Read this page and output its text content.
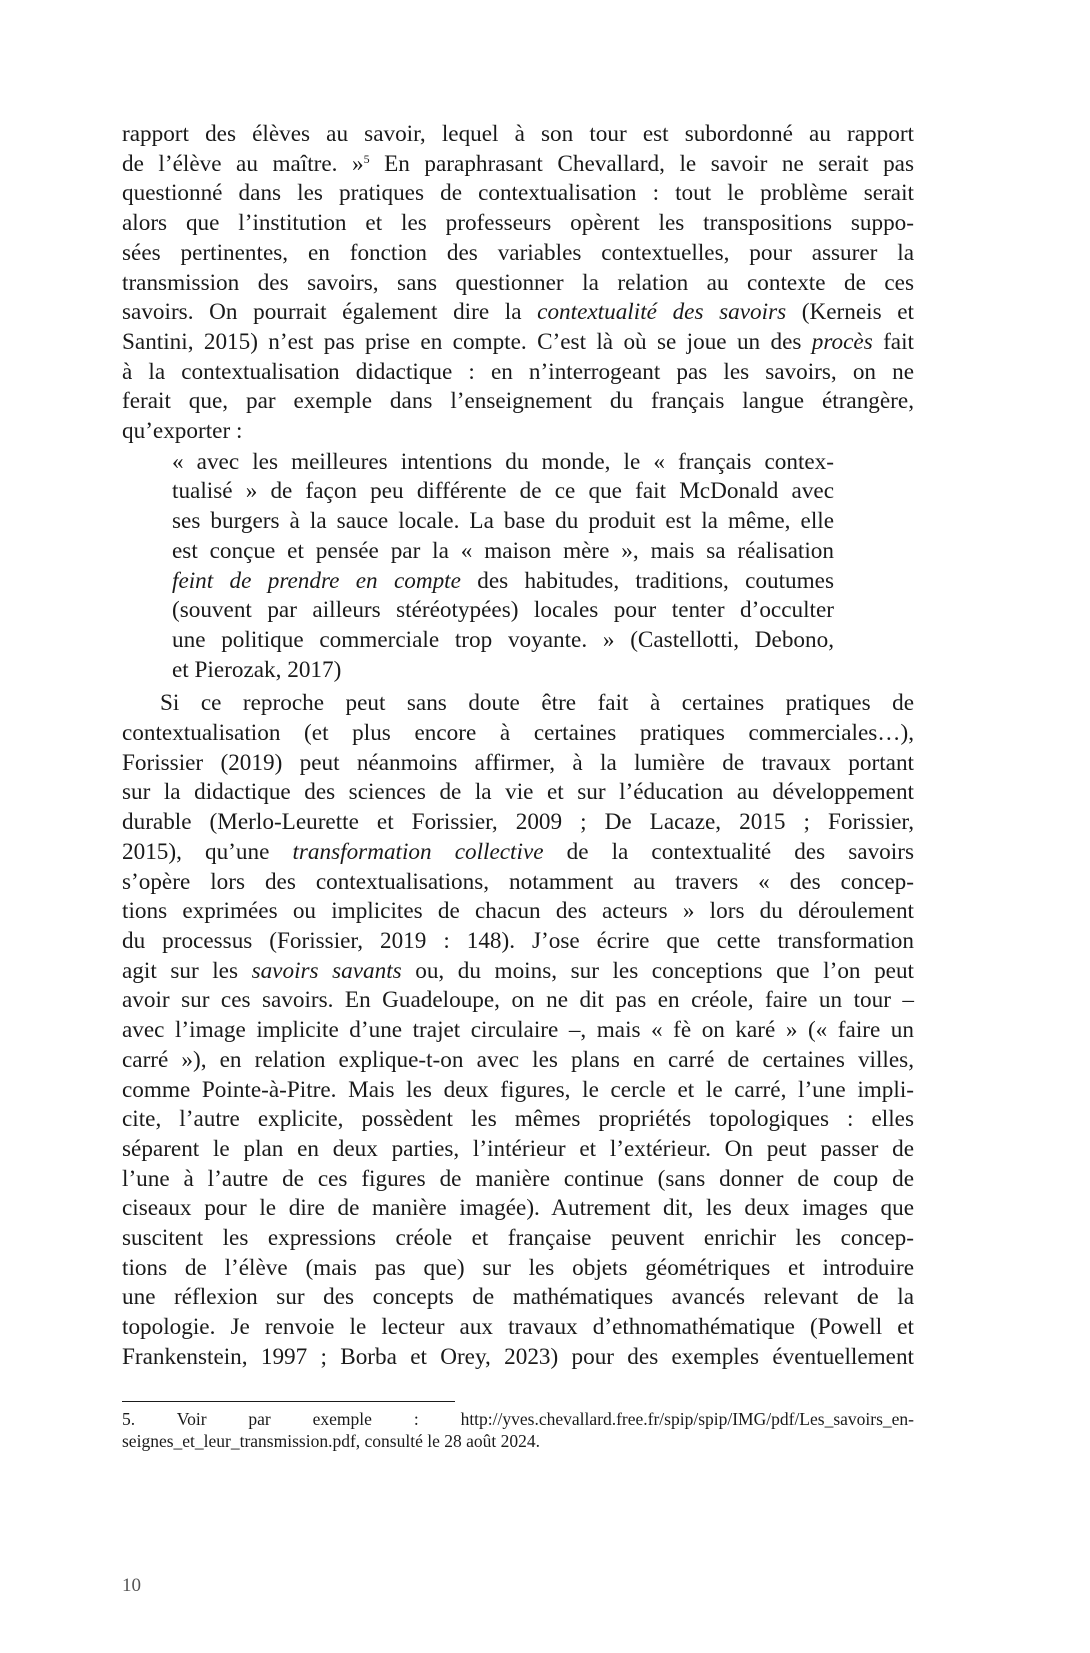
rapport des élèves au savoir, lequel à son tour est subordonné au rapport
de l’élève au maître. »$^5$ En paraphrasant Chevallard, le savoir ne serait pas
questionné dans les pratiques de contextualisation : tout le problème serait
alors que l’institution et les professeurs opèrent les transpositions suppo-
sées pertinentes, en fonction des variables contextuelles, pour assurer la
transmission des savoirs, sans questionner la relation au contexte de ces
savoirs. On pourrait également dire la contextualité des savoirs (Kerneis et
Santini, 2015) n’est pas prise en compte. C’est là où se joue un des procès fait
à la contextualisation didactique : en n’interrogeant pas les savoirs, on ne
ferait que, par exemple dans l’enseignement du français langue étrangère,
qu’exporter :

« avec les meilleures intentions du monde, le « français contex-
tualisé » de façon peu différente de ce que fait McDonald avec
ses burgers à la sauce locale. La base du produit est la même, elle
est conçue et pensée par la « maison mère », mais sa réalisation
feint de prendre en compte des habitudes, traditions, coutumes
(souvent par ailleurs stéréotypées) locales pour tenter d’occulter
une politique commerciale trop voyante. » (Castellotti, Debono,
et Pierozak, 2017)

Si ce reproche peut sans doute être fait à certaines pratiques de
contextualisation (et plus encore à certaines pratiques commerciales…),
Forissier (2019) peut néanmoins affirmer, à la lumière de travaux portant
sur la didactique des sciences de la vie et sur l’éducation au développement
durable (Merlo-Leurette et Forissier, 2009 ; De Lacaze, 2015 ; Forissier,
2015), qu’une transformation collective de la contextualité des savoirs
s’opère lors des contextualisations, notamment au travers « des concep-
tions exprimées ou implicites de chacun des acteurs » lors du déroulement
du processus (Forissier, 2019 : 148). J’ose écrire que cette transformation
agit sur les savoirs savants ou, du moins, sur les conceptions que l’on peut
avoir sur ces savoirs. En Guadeloupe, on ne dit pas en créole, faire un tour –
avec l’image implicite d’une trajet circulaire –, mais « fè on karé » (« faire un
carré »), en relation explique-t-on avec les plans en carré de certaines villes,
comme Pointe-à-Pitre. Mais les deux figures, le cercle et le carré, l’une impli-
cite, l’autre explicite, possèdent les mêmes propriétés topologiques : elles
séparent le plan en deux parties, l’intérieur et l’extérieur. On peut passer de
l’une à l’autre de ces figures de manière continue (sans donner de coup de
ciseaux pour le dire de manière imagée). Autrement dit, les deux images que
suscitent les expressions créole et française peuvent enrichir les concep-
tions de l’élève (mais pas que) sur les objets géométriques et introduire
une réflexion sur des concepts de mathématiques avancés relevant de la
topologie. Je renvoie le lecteur aux travaux d’ethnomathématique (Powell et
Frankenstein, 1997 ; Borba et Orey, 2023) pour des exemples éventuellement

5. Voir par exemple : http://yves.chevallard.free.fr/spip/spip/IMG/pdf/Les_savoirs_en-
seignes_et_leur_transmission.pdf, consulté le 28 août 2024.

10
